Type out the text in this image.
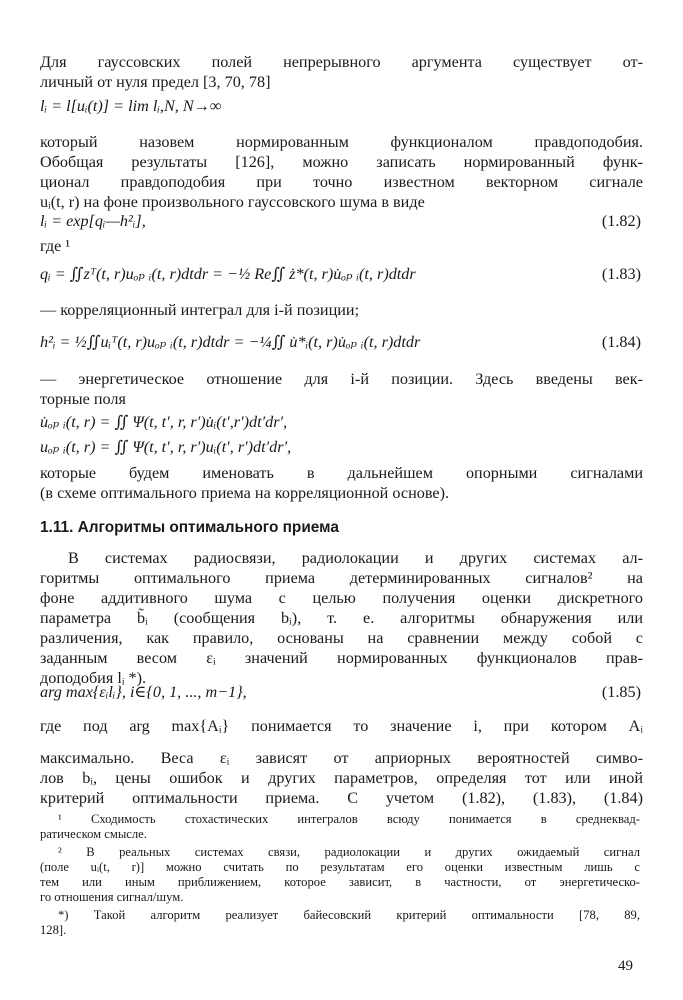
Для гауссовских полей непрерывного аргумента существует от-
личный от нуля предел [3, 70, 78]
lᵢ = l[uᵢ(t)] = lim lᵢ,N, N→∞
который назовем нормированным функционалом правдоподобия.
Обобщая результаты [126], можно записать нормированный функ-
ционал правдоподобия при точно известном векторном сигнале
uᵢ(t, r) на фоне произвольного гауссовского шума в виде
lᵢ = exp[qᵢ—h²ᵢ],	(1.82)
где ¹
qᵢ = ∬zᵀ(t, r)uₒₚ ᵢ(t, r)dtdr = −½ Re∬ ż*(t, r)u̇ₒₚ ᵢ(t, r)dtdr	(1.83)
— корреляционный интеграл для i-й позиции;
h²ᵢ = ½∬uᵢᵀ(t, r)uₒₚ ᵢ(t, r)dtdr = −¼∬ u̇*ᵢ(t, r)u̇ₒₚ ᵢ(t, r)dtdr	(1.84)
— энергетическое отношение для i-й позиции. Здесь введены век-
торные поля
u̇ₒₚ ᵢ(t, r) = ∬ Ψ(t, t′, r, r′)u̇ᵢ(t′,r′)dt′dr′,
uₒₚ ᵢ(t, r) = ∬ Ψ(t, t′, r, r′)uᵢ(t′, r′)dt′dr′,
которые будем именовать в дальнейшем опорными сигналами
(в схеме оптимального приема на корреляционной основе).
1.11. Алгоритмы оптимального приема
В системах радиосвязи, радиолокации и других системах ал-
горитмы оптимального приема детерминированных сигналов² на
фоне аддитивного шума с целью получения оценки дискретного
параметра b̃ᵢ (сообщения bᵢ), т. е. алгоритмы обнаружения или
различения, как правило, основаны на сравнении между собой с
заданным весом εᵢ значений нормированных функционалов прав-
доподобия lᵢ *).
arg max{εᵢlᵢ}, i∈{0, 1, ..., m−1},	(1.85)
где под arg max{Aᵢ} понимается то значение i, при котором Aᵢ
максимально. Веса εᵢ зависят от априорных вероятностей симво-
лов bᵢ, цены ошибок и других параметров, определяя тот или иной
критерий оптимальности приема. С учетом (1.82), (1.83), (1.84)
¹ Сходимость стохастических интегралов всюду понимается в среднеквад-
ратическом смысле.
² В реальных системах связи, радиолокации и других ожидаемый сигнал
(поле uᵢ(t, r)] можно считать по результатам его оценки известным лишь с
тем или иным приближением, которое зависит, в частности, от энергетическо-
го отношения сигнал/шум.
*) Такой алгоритм реализует байесовский критерий оптимальности [78, 89,
128].
49
